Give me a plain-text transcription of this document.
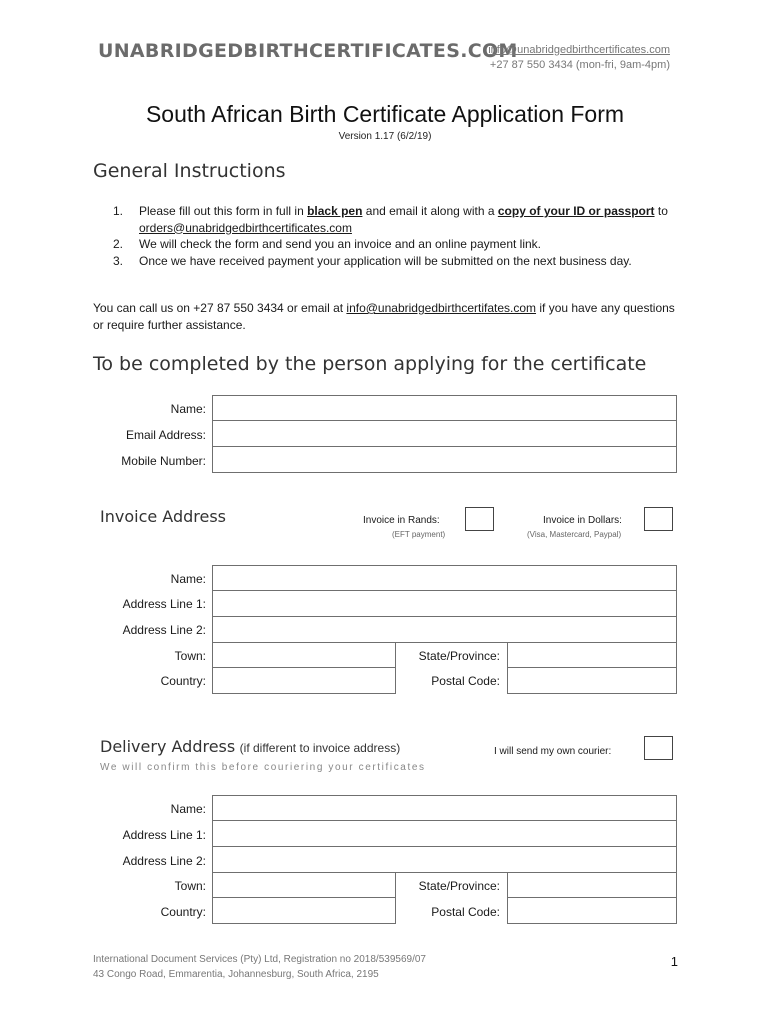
UNABRIDGEDBIRTHCERTIFICATES.COM
info@unabridgedbirthcertificates.com
+27 87 550 3434 (mon-fri, 9am-4pm)
South African Birth Certificate Application Form
Version 1.17 (6/2/19)
General Instructions
1. Please fill out this form in full in black pen and email it along with a copy of your ID or passport to orders@unabridgedbirthcertificates.com
2. We will check the form and send you an invoice and an online payment link.
3. Once we have received payment your application will be submitted on the next business day.
You can call us on +27 87 550 3434 or email at info@unabridgedbirthcertifates.com if you have any questions or require further assistance.
To be completed by the person applying for the certificate
Name:
Email Address:
Mobile Number:
Invoice Address	Invoice in Rands:
(EFT payment)
Invoice in Dollars:
(Visa, Mastercard, Paypal)
Name:
Address Line 1:
Address Line 2:
Town:
Country:
State/Province:
Postal Code:
Delivery Address (if different to invoice address)
We will confirm this before couriering your certificates
I will send my own courier:
Name:
Address Line 1:
Address Line 2:
Town:
Country:
State/Province:
Postal Code:
International Document Services (Pty) Ltd, Registration no 2018/539569/07
43 Congo Road, Emmarentia, Johannesburg, South Africa, 2195
1
